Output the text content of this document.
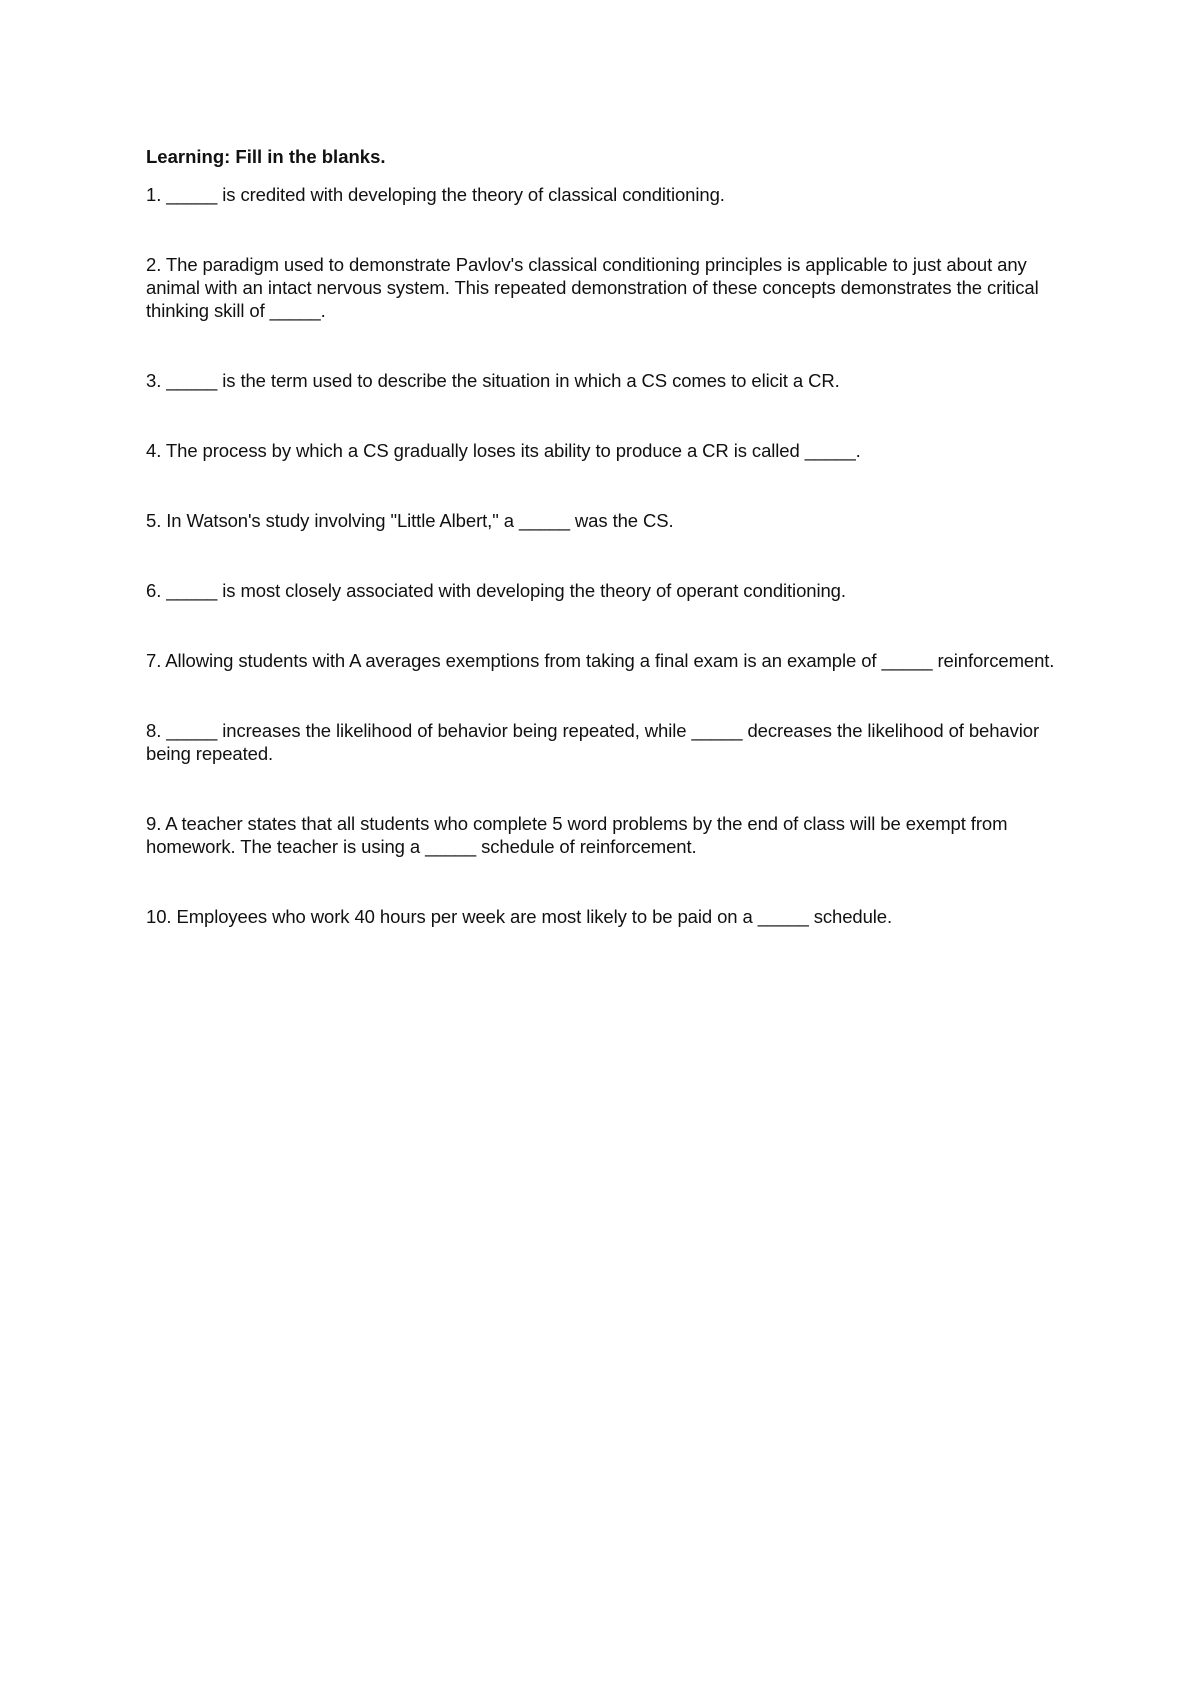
Learning: Fill in the blanks.
1. _____ is credited with developing the theory of classical conditioning.
2. The paradigm used to demonstrate Pavlov's classical conditioning principles is applicable to just about any animal with an intact nervous system. This repeated demonstration of these concepts demonstrates the critical thinking skill of _____.
3. _____ is the term used to describe the situation in which a CS comes to elicit a CR.
4. The process by which a CS gradually loses its ability to produce a CR is called _____.
5. In Watson's study involving "Little Albert," a _____ was the CS.
6. _____ is most closely associated with developing the theory of operant conditioning.
7. Allowing students with A averages exemptions from taking a final exam is an example of _____ reinforcement.
8. _____ increases the likelihood of behavior being repeated, while _____ decreases the likelihood of behavior being repeated.
9. A teacher states that all students who complete 5 word problems by the end of class will be exempt from homework. The teacher is using a _____ schedule of reinforcement.
10. Employees who work 40 hours per week are most likely to be paid on a _____ schedule.
